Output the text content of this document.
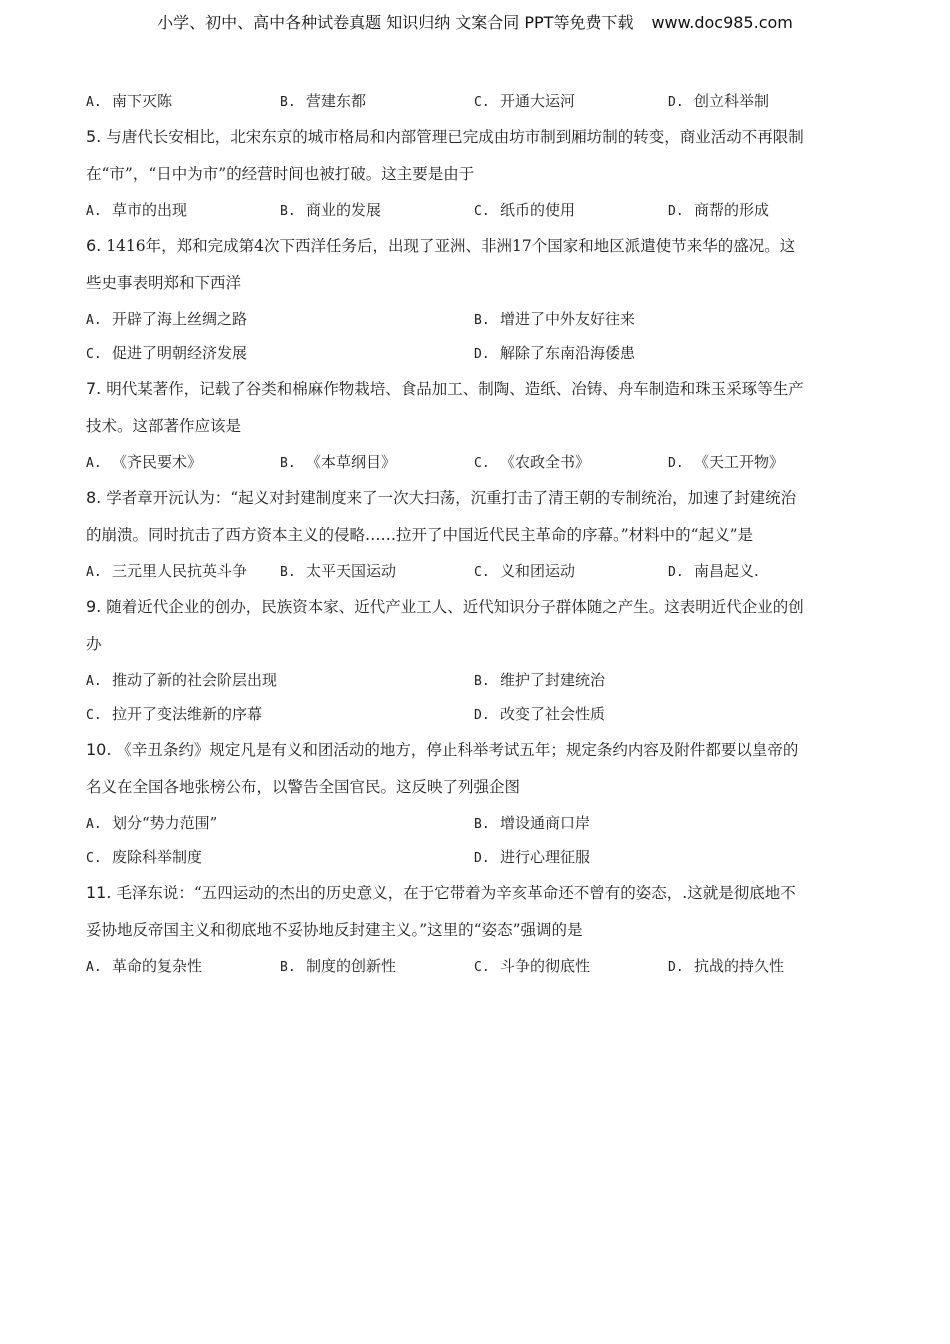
小学、初中、高中各种试卷真题 知识归纳 文案合同 PPT等免费下载 www.doc985.com
A. 南下灭陈	B. 营建东都	C. 开通大运河	D. 创立科举制

5. 与唐代长安相比，北宋东京的城市格局和内部管理已完成由坊市制到厢坊制的转变，商业活动不再限制
在“市”，“日中为市”的经营时间也被打破。这主要是由于

A. 草市的出现	B. 商业的发展	C. 纸币的使用	D. 商帮的形成

6. 1416年，郑和完成第4次下西洋任务后，出现了亚洲、非洲17个国家和地区派遣使节来华的盛况。这
些史事表明郑和下西洋

A. 开辟了海上丝绸之路	B. 增进了中外友好往来
C. 促进了明朝经济发展	D. 解除了东南沿海倭患

7. 明代某著作，记载了谷类和棉麻作物栽培、食品加工、制陶、造纸、冶铸、舟车制造和珠玉采琢等生产
技术。这部著作应该是

A. 《齐民要术》	B. 《本草纲目》	C. 《农政全书》	D. 《天工开物》

8. 学者章开沅认为：“起义对封建制度来了一次大扫荡，沉重打击了清王朝的专制统治，加速了封建统治
的崩溃。同时抗击了西方资本主义的侵略……拉开了中国近代民主革命的序幕。”材料中的“起义”是

A. 三元里人民抗英斗争	B. 太平天国运动	C. 义和团运动	D. 南昌起义.

9. 随着近代企业的创办，民族资本家、近代产业工人、近代知识分子群体随之产生。这表明近代企业的创
办

A. 推动了新的社会阶层出现	B. 维护了封建统治
C. 拉开了变法维新的序幕	D. 改变了社会性质

10. 《辛丑条约》规定凡是有义和团活动的地方，停止科举考试五年；规定条约内容及附件都要以皇帝的
名义在全国各地张榜公布，以警告全国官民。这反映了列强企图

A. 划分“势力范围”	B. 增设通商口岸
C. 废除科举制度	D. 进行心理征服

11. 毛泽东说：“五四运动的杰出的历史意义，在于它带着为辛亥革命还不曾有的姿态，.这就是彻底地不
妥协地反帝国主义和彻底地不妥协地反封建主义。”这里的“姿态”强调的是

A. 革命的复杂性	B. 制度的创新性	C. 斗争的彻底性	D. 抗战的持久性
